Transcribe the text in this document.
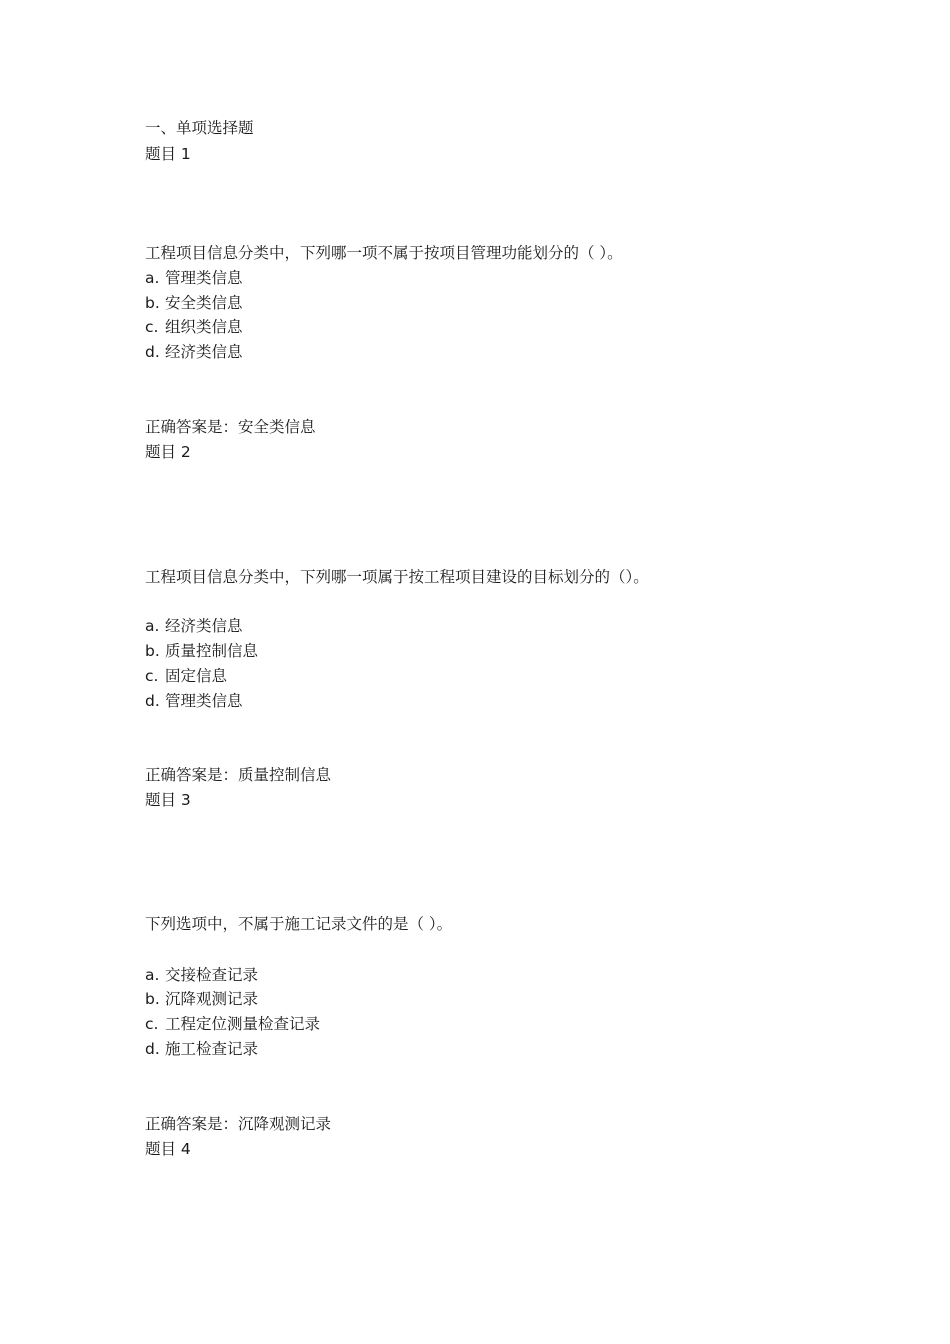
一、单项选择题
题目 1
工程项目信息分类中，下列哪一项不属于按项目管理功能划分的（ ）。
a. 管理类信息
b. 安全类信息
c. 组织类信息
d. 经济类信息
正确答案是：安全类信息
题目 2
工程项目信息分类中，下列哪一项属于按工程项目建设的目标划分的（）。
a. 经济类信息
b. 质量控制信息
c. 固定信息
d. 管理类信息
正确答案是：质量控制信息
题目 3
下列选项中，不属于施工记录文件的是（ ）。
a. 交接检查记录
b. 沉降观测记录
c. 工程定位测量检查记录
d. 施工检查记录
正确答案是：沉降观测记录
题目 4
